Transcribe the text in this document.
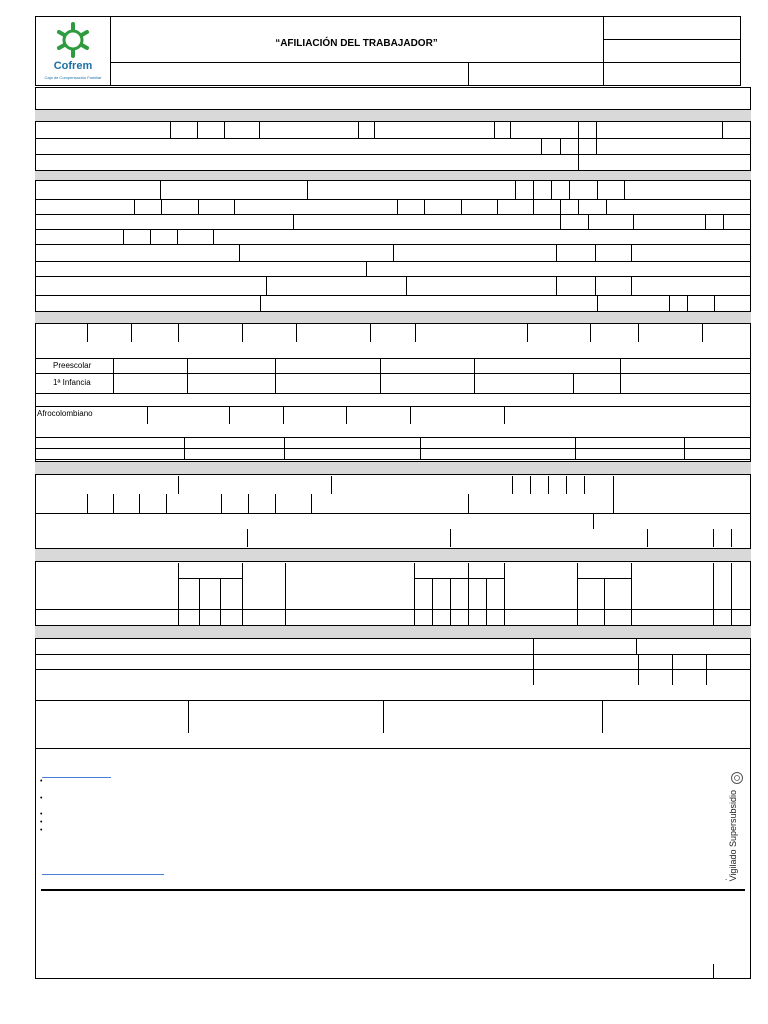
Cofrem
Caja de Compensación Familiar
“AFILIACIÓN DEL TRABAJADOR”
Preescolar
1ª Infancia
Afrocolombiano
•
•
•
•
•	Vigilado Supersubsidio
.
